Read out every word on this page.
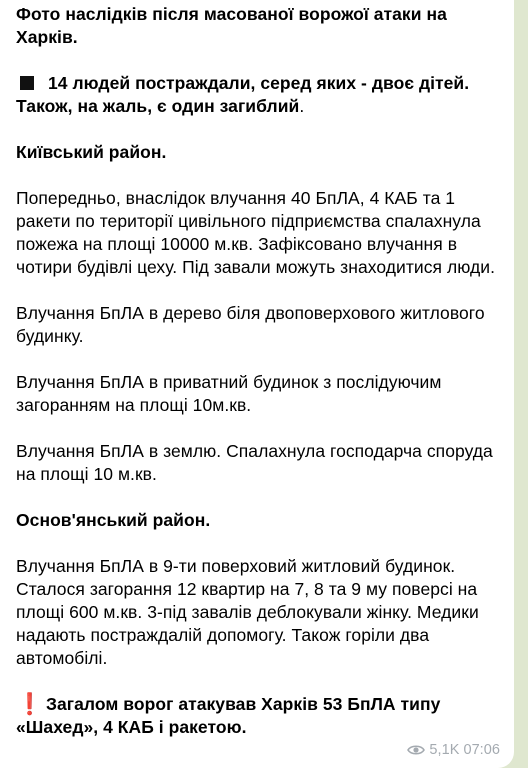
Фото наслідків після масованої ворожої атаки на Харків.

14 людей постраждали, серед яких - двоє дітей. Також, на жаль, є один загиблий.

Київський район.

Попередньо, внаслідок влучання 40 БпЛА, 4 КАБ та 1 ракети по території цивільного підприємства спалахнула пожежа на площі 10000 м.кв. Зафіксовано влучання в чотири будівлі цеху. Під завали можуть знаходитися люди.

Влучання БпЛА в дерево біля двоповерхового житлового будинку.

Влучання БпЛА в приватний будинок з послідуючим загоранням на площі 10м.кв.

Влучання БпЛА в землю. Спалахнула господарча споруда на площі 10 м.кв.

Основ'янський район.

Влучання БпЛА в 9-ти поверховий житловий будинок. Сталося загорання 12 квартир на 7, 8 та 9 му поверсі на площі 600 м.кв. 3-під завалів деблокували жінку. Медики надають постраждалій допомогу. Також горіли два автомобілі.

❗ Загалом ворог атакував Харків 53 БпЛА типу «Шахед», 4 КАБ і ракетою.

5,1K 07:06
